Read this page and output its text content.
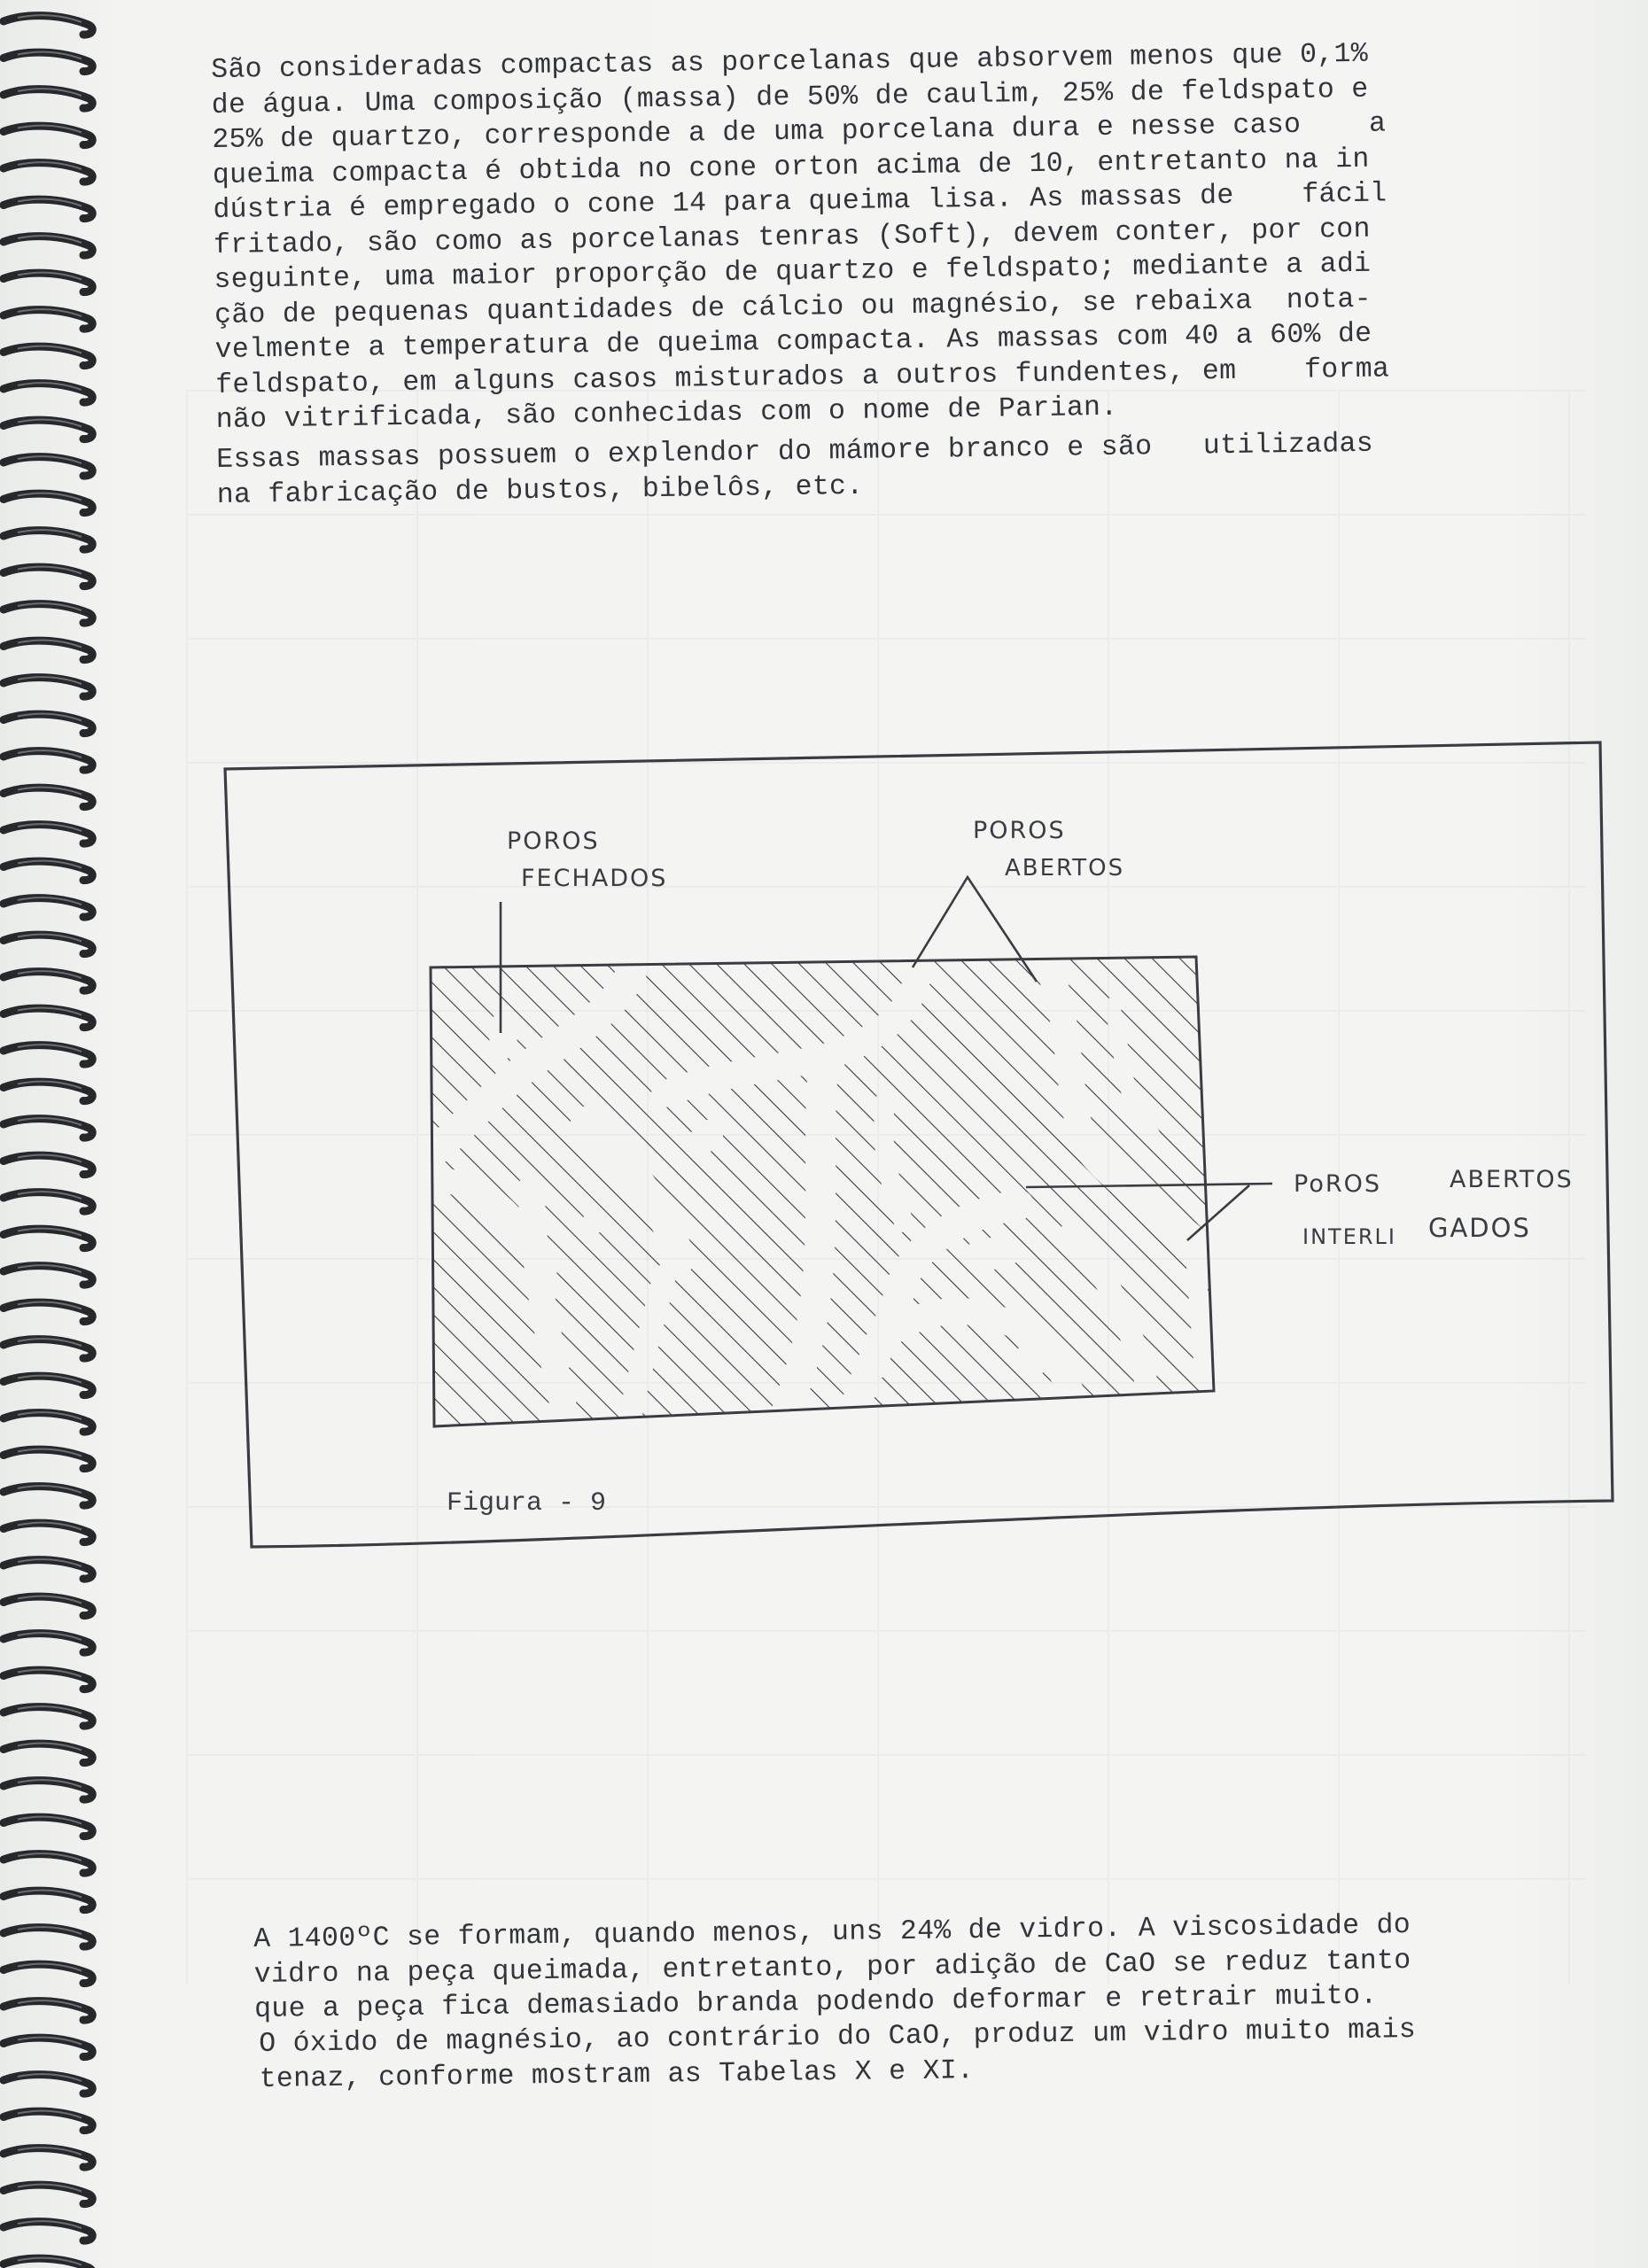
São consideradas compactas as porcelanas que absorvem menos que 0,1%
de água. Uma composição (massa) de 50% de caulim, 25% de feldspato e
25% de quartzo, corresponde a de uma porcelana dura e nesse caso    a
queima compacta é obtida no cone orton acima de 10, entretanto na in
dústria é empregado o cone 14 para queima lisa. As massas de    fácil
fritado, são como as porcelanas tenras (Soft), devem conter, por con
seguinte, uma maior proporção de quartzo e feldspato; mediante a adi
ção de pequenas quantidades de cálcio ou magnésio, se rebaixa  nota-
velmente a temperatura de queima compacta. As massas com 40 a 60% de
feldspato, em alguns casos misturados a outros fundentes, em    forma
não vitrificada, são conhecidas com o nome de Parian.
Essas massas possuem o explendor do mámore branco e são   utilizadas
na fabricação de bustos, bibelôs, etc.
POROS
FECHADOS
POROS
ABERTOS
PoROS	ABERTOS
INTERLI GADOS
Figura - 9
A 1400ºC se formam, quando menos, uns 24% de vidro. A viscosidade do
vidro na peça queimada, entretanto, por adição de CaO se reduz tanto
que a peça fica demasiado branda podendo deformar e retrair muito.
O óxido de magnésio, ao contrário do CaO, produz um vidro muito mais
tenaz, conforme mostram as Tabelas X e XI.
